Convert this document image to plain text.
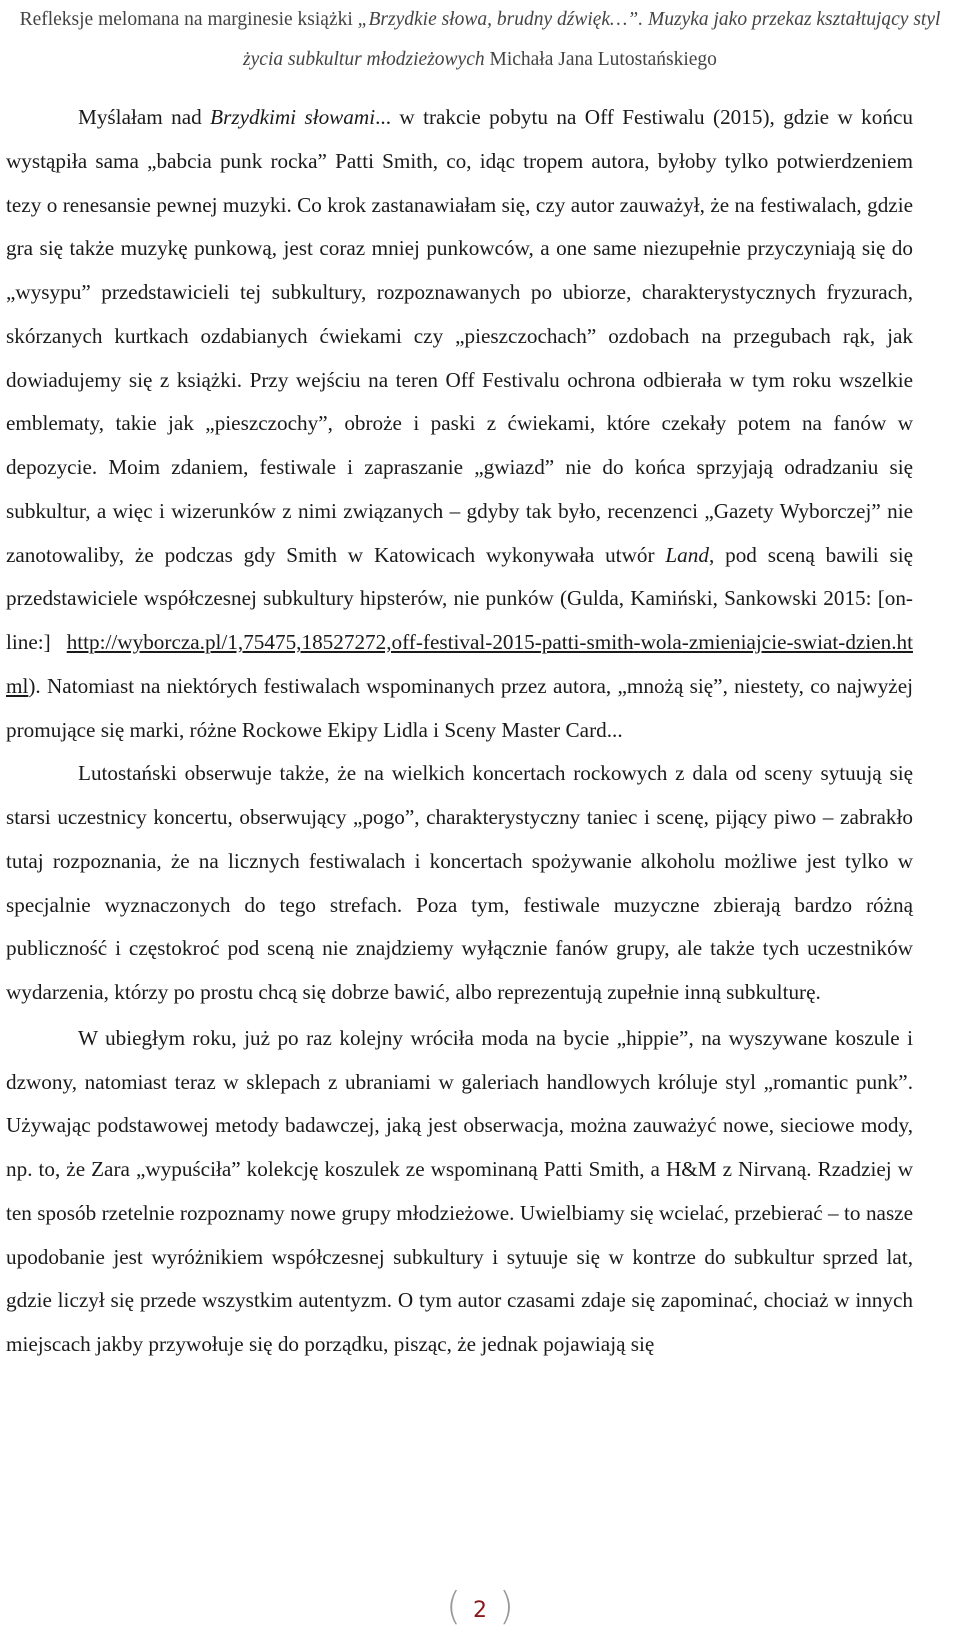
Refleksje melomana na marginesie książki „Brzydkie słowa, brudny dźwięk…”. Muzyka jako przekaz kształtujący styl życia subkultur młodzieżowych Michała Jana Lutostańskiego

Myślałam nad Brzydkimi słowami... w trakcie pobytu na Off Festiwalu (2015), gdzie w końcu wystąpiła sama „babcia punk rocka” Patti Smith, co, idąc tropem autora, byłoby tylko potwierdzeniem tezy o renesansie pewnej muzyki. Co krok zastanawiałam się, czy autor zauważył, że na festiwalach, gdzie gra się także muzykę punkową, jest coraz mniej punkowców, a one same niezupełnie przyczyniają się do „wysypu” przedstawicieli tej subkultury, rozpoznawanych po ubiorze, charakterystycznych fryzurach, skórzanych kurtkach ozdabianych ćwiekami czy „pieszczochach” ozdobach na przegubach rąk, jak dowiadujemy się z książki. Przy wejściu na teren Off Festivalu ochrona odbierała w tym roku wszelkie emblematy, takie jak „pieszczochy”, obroże i paski z ćwiekami, które czekały potem na fanów w depozycie. Moim zdaniem, festiwale i zapraszanie „gwiazd” nie do końca sprzyjają odradzaniu się subkultur, a więc i wizerunków z nimi związanych – gdyby tak było, recenzenci „Gazety Wyborczej” nie zanotowaliby, że podczas gdy Smith w Katowicach wykonywała utwór Land, pod sceną bawili się przedstawiciele współczesnej subkultury hipsterów, nie punków (Gulda, Kamiński, Sankowski 2015: [on-line:] http://wyborcza.pl/1,75475,18527272,off-festival-2015-patti-smith-wola-zmieniajcie-swiat-dzien.html). Natomiast na niektórych festiwalach wspominanych przez autora, „mnożą się”, niestety, co najwyżej promujące się marki, różne Rockowe Ekipy Lidla i Sceny Master Card...

Lutostański obserwuje także, że na wielkich koncertach rockowych z dala od sceny sytuują się starsi uczestnicy koncertu, obserwujący „pogo”, charakterystyczny taniec i scenę, pijący piwo – zabrakło tutaj rozpoznania, że na licznych festiwalach i koncertach spożywanie alkoholu możliwe jest tylko w specjalnie wyznaczonych do tego strefach. Poza tym, festiwale muzyczne zbierają bardzo różną publiczność i częstokroć pod sceną nie znajdziemy wyłącznie fanów grupy, ale także tych uczestników wydarzenia, którzy po prostu chcą się dobrze bawić, albo reprezentują zupełnie inną subkulturę.

W ubiegłym roku, już po raz kolejny wróciła moda na bycie „hippie”, na wyszywane koszule i dzwony, natomiast teraz w sklepach z ubraniami w galeriach handlowych króluje styl „romantic punk”. Używając podstawowej metody badawczej, jaką jest obserwacja, można zauważyć nowe, sieciowe mody, np. to, że Zara „wypuściła” kolekcję koszulek ze wspominaną Patti Smith, a H&M z Nirvaną. Rzadziej w ten sposób rzetelnie rozpoznamy nowe grupy młodzieżowe. Uwielbiamy się wcielać, przebierać – to nasze upodobanie jest wyróżnikiem współczesnej subkultury i sytuuje się w kontrze do subkultur sprzed lat, gdzie liczył się przede wszystkim autentyzm. O tym autor czasami zdaje się zapominać, chociaż w innych miejscach jakby przywołuje się do porządku, pisząc, że jednak pojawiają się

( 2 )
